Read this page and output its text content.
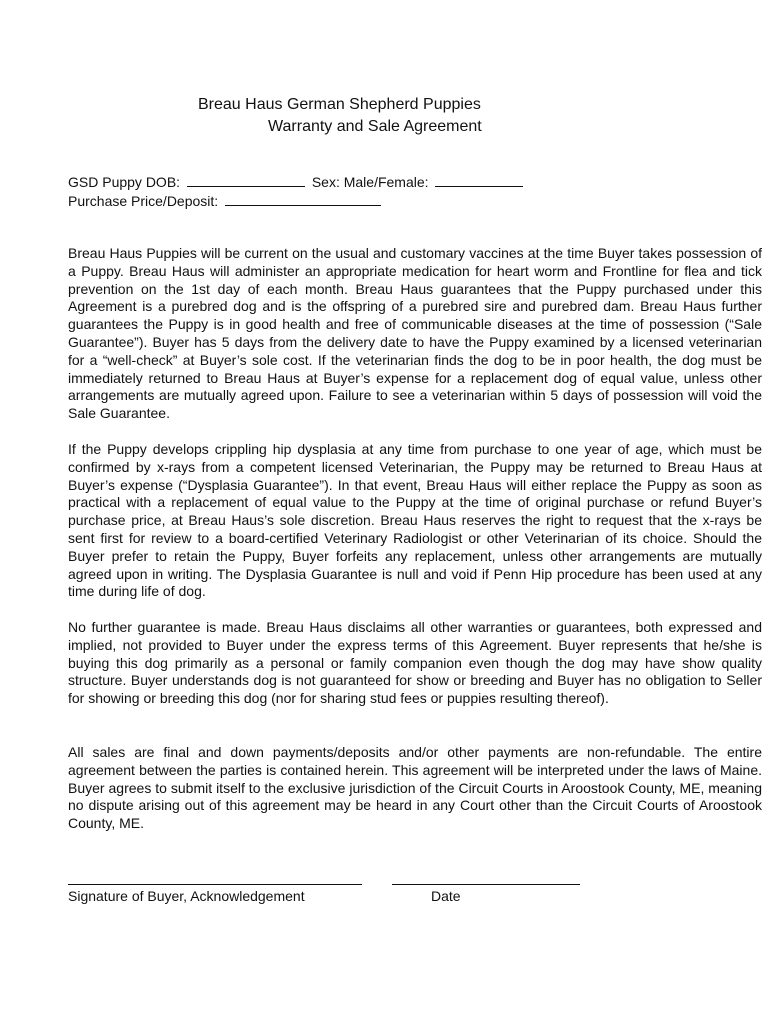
Breau Haus German Shepherd Puppies
Warranty and Sale Agreement
GSD Puppy DOB:	Sex: Male/Female:
Purchase Price/Deposit:

Breau Haus Puppies will be current on the usual and customary vaccines at the time Buyer takes possession of a Puppy. Breau Haus will administer an appropriate medication for heart worm and Frontline for flea and tick prevention on the 1st day of each month. Breau Haus guarantees that the Puppy purchased under this Agreement is a purebred dog and is the offspring of a purebred sire and purebred dam. Breau Haus further guarantees the Puppy is in good health and free of communicable diseases at the time of possession (“Sale Guarantee”). Buyer has 5 days from the delivery date to have the Puppy examined by a licensed veterinarian for a “well-check” at Buyer’s sole cost. If the veterinarian finds the dog to be in poor health, the dog must be immediately returned to Breau Haus at Buyer’s expense for a replacement dog of equal value, unless other arrangements are mutually agreed upon. Failure to see a veterinarian within 5 days of possession will void the Sale Guarantee.

If the Puppy develops crippling hip dysplasia at any time from purchase to one year of age, which must be confirmed by x-rays from a competent licensed Veterinarian, the Puppy may be returned to Breau Haus at Buyer’s expense (“Dysplasia Guarantee”). In that event, Breau Haus will either replace the Puppy as soon as practical with a replacement of equal value to the Puppy at the time of original purchase or refund Buyer’s purchase price, at Breau Haus’s sole discretion. Breau Haus reserves the right to request that the x-rays be sent first for review to a board-certified Veterinary Radiologist or other Veterinarian of its choice. Should the Buyer prefer to retain the Puppy, Buyer forfeits any replacement, unless other arrangements are mutually agreed upon in writing. The Dysplasia Guarantee is null and void if Penn Hip procedure has been used at any time during life of dog.

No further guarantee is made. Breau Haus disclaims all other warranties or guarantees, both expressed and implied, not provided to Buyer under the express terms of this Agreement. Buyer represents that he/she is buying this dog primarily as a personal or family companion even though the dog may have show quality structure. Buyer understands dog is not guaranteed for show or breeding and Buyer has no obligation to Seller for showing or breeding this dog (nor for sharing stud fees or puppies resulting thereof).

All sales are final and down payments/deposits and/or other payments are non-refundable. The entire agreement between the parties is contained herein. This agreement will be interpreted under the laws of Maine. Buyer agrees to submit itself to the exclusive jurisdiction of the Circuit Courts in Aroostook County, ME, meaning no dispute arising out of this agreement may be heard in any Court other than the Circuit Courts of Aroostook County, ME.

Signature of Buyer, Acknowledgement	Date
